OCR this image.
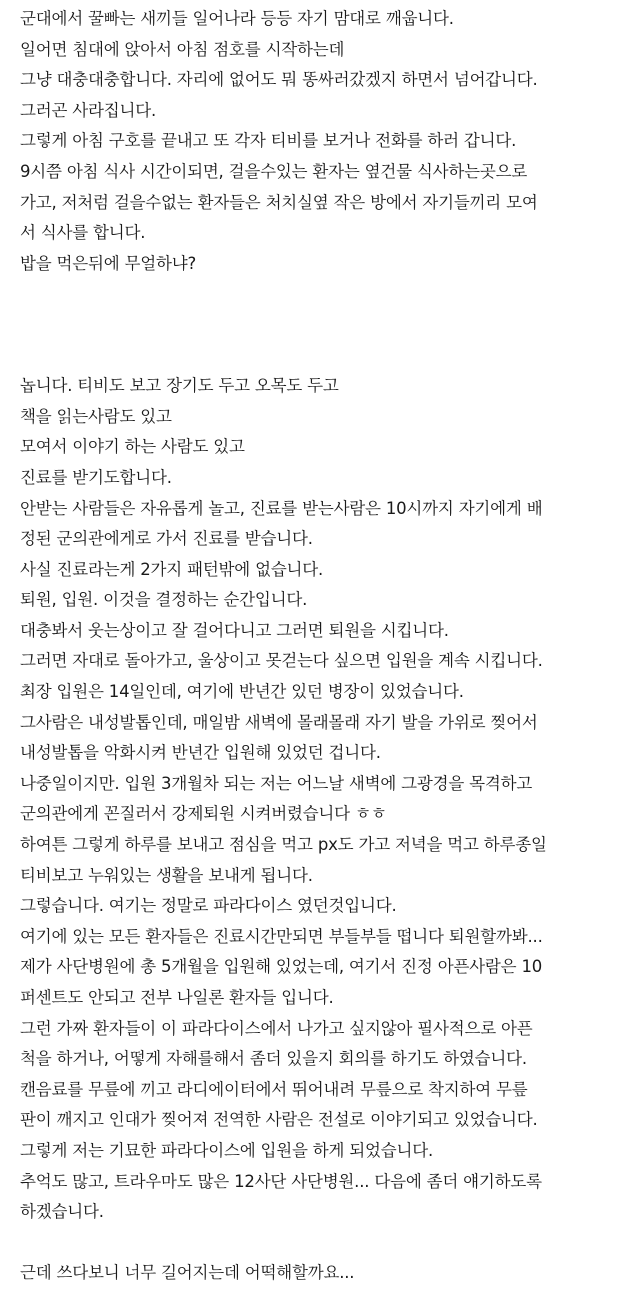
군대에서 꿀빠는 새끼들 일어나라 등등 자기 맘대로 깨웁니다.
일어면 침대에 앉아서 아침 점호를 시작하는데
그냥 대충대충합니다. 자리에 없어도 뭐 똥싸러갔겠지 하면서 넘어갑니다.
그러곤 사라집니다.
그렇게 아침 구호를 끝내고 또 각자 티비를 보거나 전화를 하러 갑니다.
9시쯤 아침 식사 시간이되면, 걸을수있는 환자는 옆건물 식사하는곳으로
가고, 저처럼 걸을수없는 환자들은 처치실옆 작은 방에서 자기들끼리 모여
서 식사를 합니다.
밥을 먹은뒤에 무얼하냐?
놉니다. 티비도 보고 장기도 두고 오목도 두고
책을 읽는사람도 있고
모여서 이야기 하는 사람도 있고
진료를 받기도합니다.
안받는 사람들은 자유롭게 놀고, 진료를 받는사람은 10시까지 자기에게 배
정된 군의관에게로 가서 진료를 받습니다.
사실 진료라는게 2가지 패턴밖에 없습니다.
퇴원, 입원. 이것을 결정하는 순간입니다.
대충봐서 웃는상이고 잘 걸어다니고 그러면 퇴원을 시킵니다.
그러면 자대로 돌아가고, 울상이고 못걷는다 싶으면 입원을 계속 시킵니다.
최장 입원은 14일인데, 여기에 반년간 있던 병장이 있었습니다.
그사람은 내성발톱인데, 매일밤 새벽에 몰래몰래 자기 발을 가위로 찢어서
내성발톱을 악화시켜 반년간 입원해 있었던 겁니다.
나중일이지만. 입원 3개월차 되는 저는 어느날 새벽에 그광경을 목격하고
군의관에게 꼰질러서 강제퇴원 시켜버렸습니다 ㅎㅎ
하여튼 그렇게 하루를 보내고 점심을 먹고 px도 가고 저녁을 먹고 하루종일
티비보고 누워있는 생활을 보내게 됩니다.
그렇습니다. 여기는 정말로 파라다이스 였던것입니다.
여기에 있는 모든 환자들은 진료시간만되면 부들부들 떱니다 퇴원할까봐...
제가 사단병원에 총 5개월을 입원해 있었는데, 여기서 진정 아픈사람은 10
퍼센트도 안되고 전부 나일론 환자들 입니다.
그런 가짜 환자들이 이 파라다이스에서 나가고 싶지않아 필사적으로 아픈
척을 하거나, 어떻게 자해를해서 좀더 있을지 회의를 하기도 하였습니다.
캔음료를 무릎에 끼고 라디에이터에서 뛰어내려 무릎으로 착지하여 무릎
판이 깨지고 인대가 찢어져 전역한 사람은 전설로 이야기되고 있었습니다.
그렇게 저는 기묘한 파라다이스에 입원을 하게 되었습니다.
추억도 많고, 트라우마도 많은 12사단 사단병원... 다음에 좀더 얘기하도록
하겠습니다.
근데 쓰다보니 너무 길어지는데 어떡해할까요...
